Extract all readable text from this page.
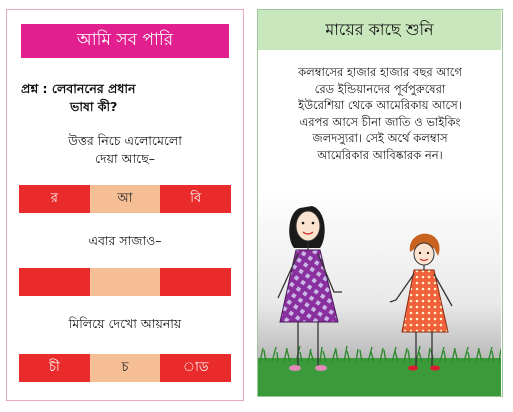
আমি সব পারি
প্রশ্ন : লেবাননের প্রধান
ভাষা কী?
উত্তর নিচে এলোমেলো
দেয়া আছে–
র	আ	বি
এবার সাজাও–
মিলিয়ে দেখো আয়নায়
চী	চ	াড
মায়ের কাছে শুনি
কলম্বাসের হাজার হাজার বছর আগে
রেড ইন্ডিয়ানদের পূর্বপুরুষেরা
ইউরেশিয়া থেকে আমেরিকায় আসে।
এরপর আসে চীনা জাতি ও ভাইকিং
জলদস্যুরা। সেই অর্থে কলম্বাস
আমেরিকার আবিষ্কারক নন।
